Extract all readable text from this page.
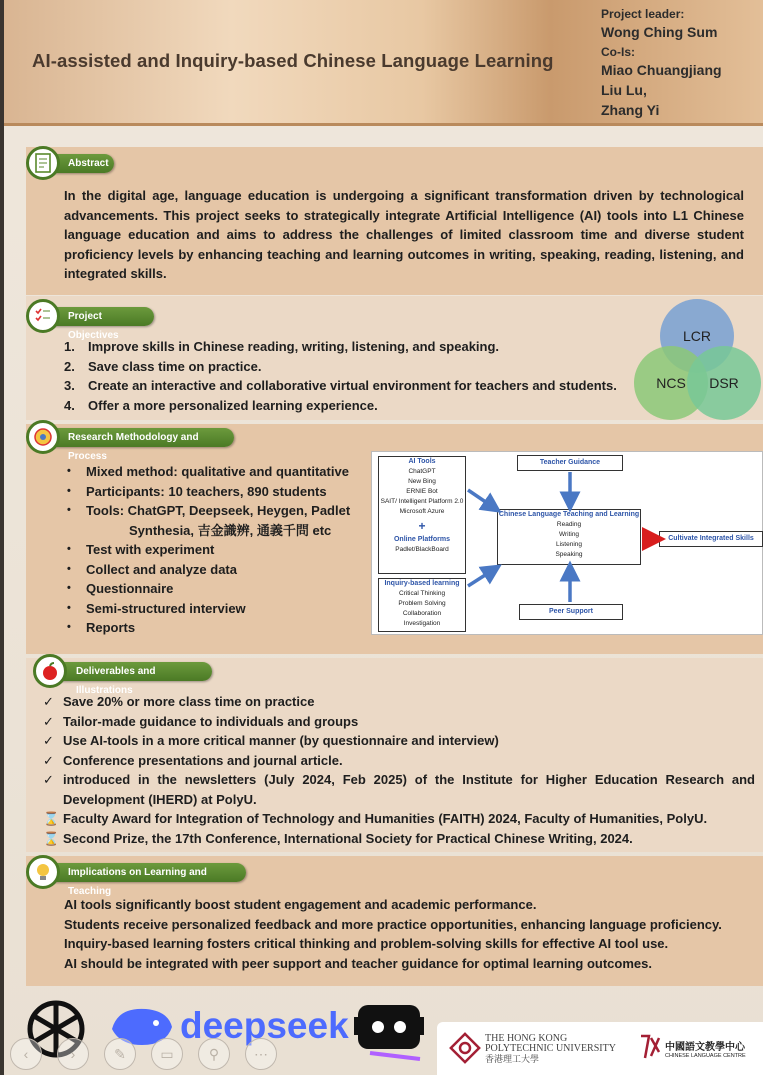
AI-assisted and Inquiry-based Chinese Language Learning
Project leader:
Wong Ching Sum
Co-Is:
Miao Chuangjiang
Liu Lu,
Zhang Yi
Abstract
In the digital age, language education is undergoing a significant transformation driven by technological advancements. This project seeks to strategically integrate Artificial Intelligence (AI) tools into L1 Chinese language education and aims to address the challenges of limited classroom time and diverse student proficiency levels by enhancing teaching and learning outcomes in writing, speaking, reading, listening, and integrated skills.
Project Objectives
1. Improve skills in Chinese reading, writing, listening, and speaking.
2. Save class time on practice.
3. Create an interactive and collaborative virtual environment for teachers and students.
4. Offer a more personalized learning experience.
LCR
NCS	DSR
Research Methodology and Process
• Mixed method: qualitative and quantitative
• Participants: 10 teachers, 890 students
• Tools: ChatGPT, Deepseek, Heygen, Padlet
Synthesia, 吉金識辨, 通義千問 etc
• Test with experiment
• Collect and analyze data
• Questionnaire
• Semi-structured interview
• Reports
AI Tools
ChatGPT
New Bing
ERNIE Bot
SAIT/ Intelligent Platform 2.0
Microsoft Azure
+
Online Platforms
Padlet/BlackBoard
Inquiry-based learning
Critical Thinking
Problem Solving
Collaboration
Investigation
Teacher Guidance
Chinese Language Teaching and Learning
Reading
Writing
Listening
Speaking
Peer Support
Cultivate Integrated Skills
Deliverables and Illustrations
✓ Save 20% or more class time on practice
✓ Tailor-made guidance to individuals and groups
✓ Use AI-tools in a more critical manner (by questionnaire and interview)
✓ Conference presentations and journal article.
✓ introduced in the newsletters (July 2024, Feb 2025) of the Institute for Higher Education Research and Development (IHERD) at PolyU.
⌛ Faculty Award for Integration of Technology and Humanities (FAITH) 2024, Faculty of Humanities, PolyU.
⌛ Second Prize, the 17th Conference, International Society for Practical Chinese Writing, 2024.
Implications on Learning and Teaching
AI tools significantly boost student engagement and academic performance.
Students receive personalized feedback and more practice opportunities, enhancing language proficiency.
Inquiry-based learning fosters critical thinking and problem-solving skills for effective AI tool use.
AI should be integrated with peer support and teacher guidance for optimal learning outcomes.
deepseek	THE HONG KONG
POLYTECHNIC UNIVERSITY
香港理工大學
中國語文教學中心
CHINESE LANGUAGE CENTRE
‹	›	✎	▭	⚲	⋯
